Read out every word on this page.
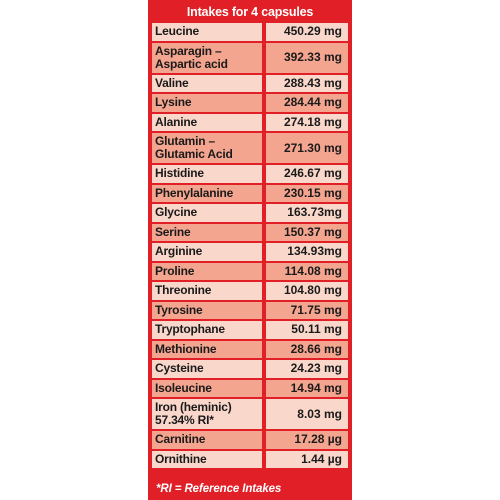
Intakes for 4 capsules
Leucine	450.29 mg
Asparagin –
Aspartic acid	392.33 mg
Valine	288.43 mg
Lysine	284.44 mg
Alanine	274.18 mg
Glutamin –
Glutamic Acid	271.30 mg
Histidine	246.67 mg
Phenylalanine	230.15 mg
Glycine	163.73mg
Serine	150.37 mg
Arginine	134.93mg
Proline	114.08 mg
Threonine	104.80 mg
Tyrosine	71.75 mg
Tryptophane	50.11 mg
Methionine	28.66 mg
Cysteine	24.23 mg
Isoleucine	14.94 mg
Iron (heminic)
57.34% RI*	8.03 mg
Carnitine	17.28 µg
Ornithine	1.44 µg
*RI = Reference Intakes
